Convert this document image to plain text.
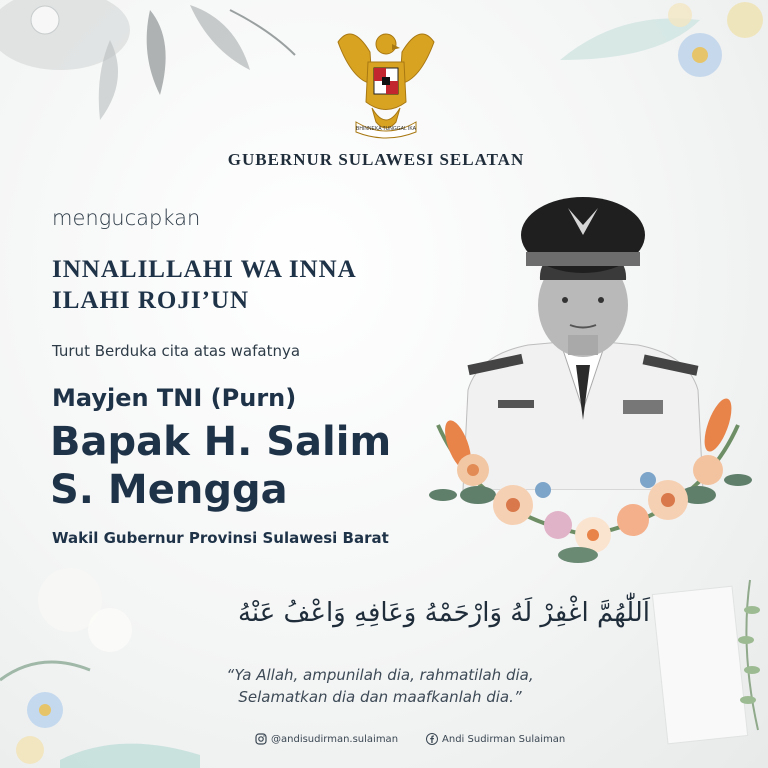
BHINNEKA TUNGGAL IKA
GUBERNUR SULAWESI SELATAN
mengucapkan
INNALILLAHI WA INNA
ILAHI ROJI’UN
Turut Berduka cita atas wafatnya
Mayjen TNI (Purn)
Bapak H. Salim
S. Mengga
Wakil Gubernur Provinsi Sulawesi Barat
اَللّٰهُمَّ اغْفِرْ لَهُ وَارْحَمْهُ وَعَافِهِ وَاعْفُ عَنْهُ
“Ya Allah, ampunilah dia, rahmatilah dia,
Selamatkan dia dan maafkanlah dia.”
@andisudirman.sulaiman	Andi Sudirman Sulaiman
